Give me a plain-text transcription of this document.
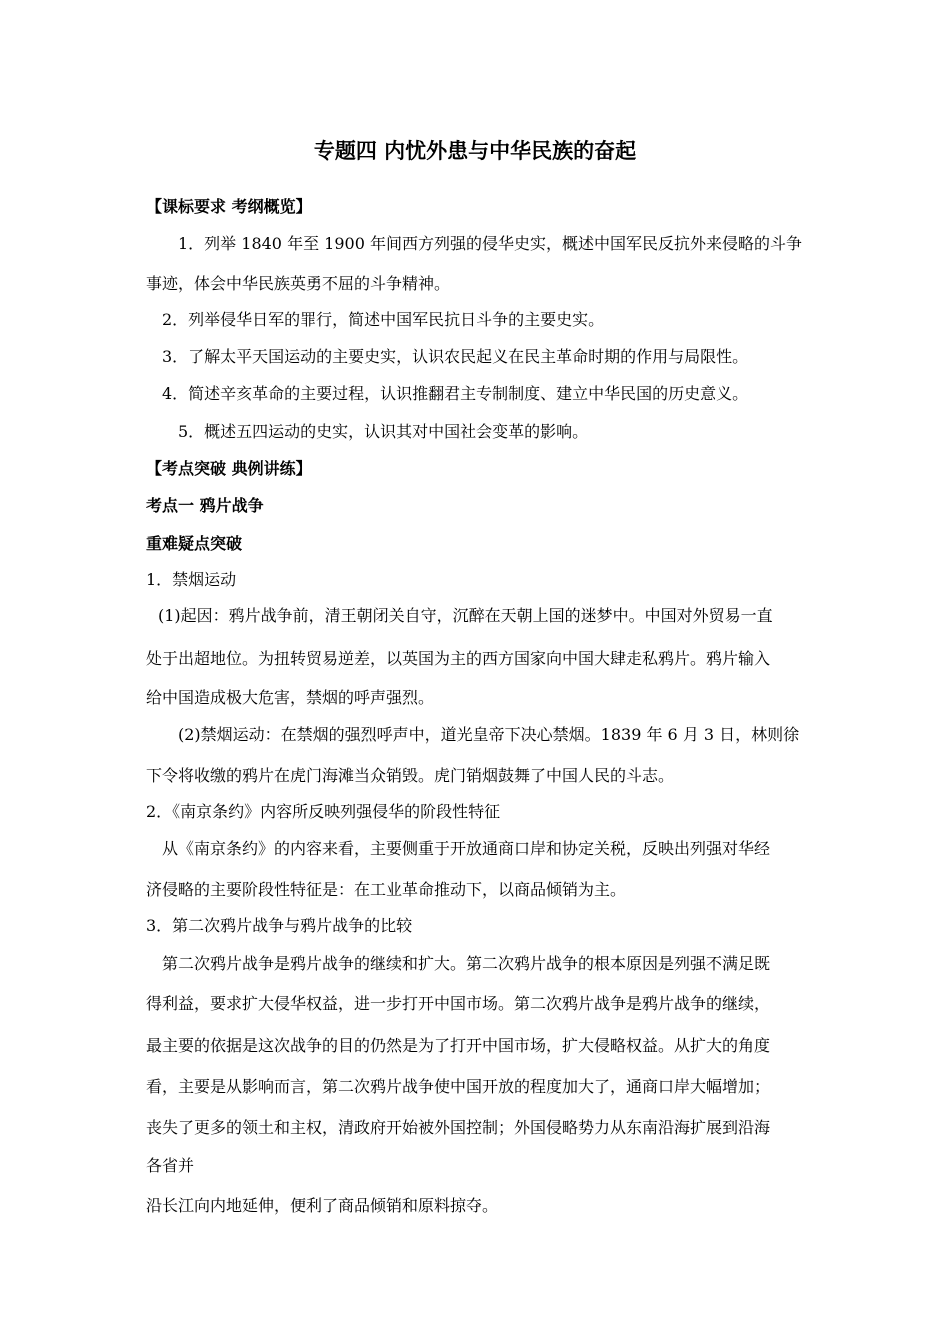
专题四 内忧外患与中华民族的奋起

【课标要求 考纲概览】

1．列举 1840 年至 1900 年间西方列强的侵华史实，概述中国军民反抗外来侵略的斗争

事迹，体会中华民族英勇不屈的斗争精神。

2．列举侵华日军的罪行，简述中国军民抗日斗争的主要史实。

3．了解太平天国运动的主要史实，认识农民起义在民主革命时期的作用与局限性。

4．简述辛亥革命的主要过程，认识推翻君主专制制度、建立中华民国的历史意义。

5．概述五四运动的史实，认识其对中国社会变革的影响。

【考点突破 典例讲练】

考点一 鸦片战争

重难疑点突破

1．禁烟运动

(1)起因：鸦片战争前，清王朝闭关自守，沉醉在天朝上国的迷梦中。中国对外贸易一直

处于出超地位。为扭转贸易逆差，以英国为主的西方国家向中国大肆走私鸦片。鸦片输入

给中国造成极大危害，禁烟的呼声强烈。

(2)禁烟运动：在禁烟的强烈呼声中，道光皇帝下决心禁烟。1839 年 6 月 3 日，林则徐

下令将收缴的鸦片在虎门海滩当众销毁。虎门销烟鼓舞了中国人民的斗志。

2．《南京条约》内容所反映列强侵华的阶段性特征

从《南京条约》的内容来看，主要侧重于开放通商口岸和协定关税，反映出列强对华经

济侵略的主要阶段性特征是：在工业革命推动下，以商品倾销为主。

3．第二次鸦片战争与鸦片战争的比较

第二次鸦片战争是鸦片战争的继续和扩大。第二次鸦片战争的根本原因是列强不满足既

得利益，要求扩大侵华权益，进一步打开中国市场。第二次鸦片战争是鸦片战争的继续，

最主要的依据是这次战争的目的仍然是为了打开中国市场，扩大侵略权益。从扩大的角度

看，主要是从影响而言，第二次鸦片战争使中国开放的程度加大了，通商口岸大幅增加；

丧失了更多的领土和主权，清政府开始被外国控制；外国侵略势力从东南沿海扩展到沿海

各省并

沿长江向内地延伸，便利了商品倾销和原料掠夺。
